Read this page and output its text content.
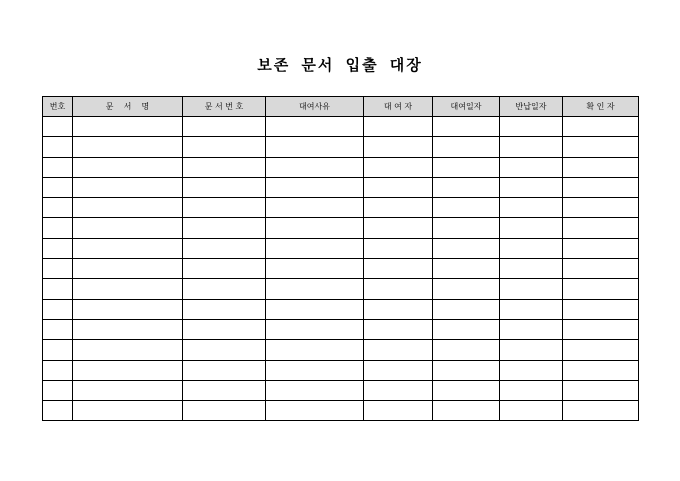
보존 문서 입출 대장
번호	문    서    명	문 서 번 호	대여사유	대 여 자	대여일자	반납일자	확 인 자
